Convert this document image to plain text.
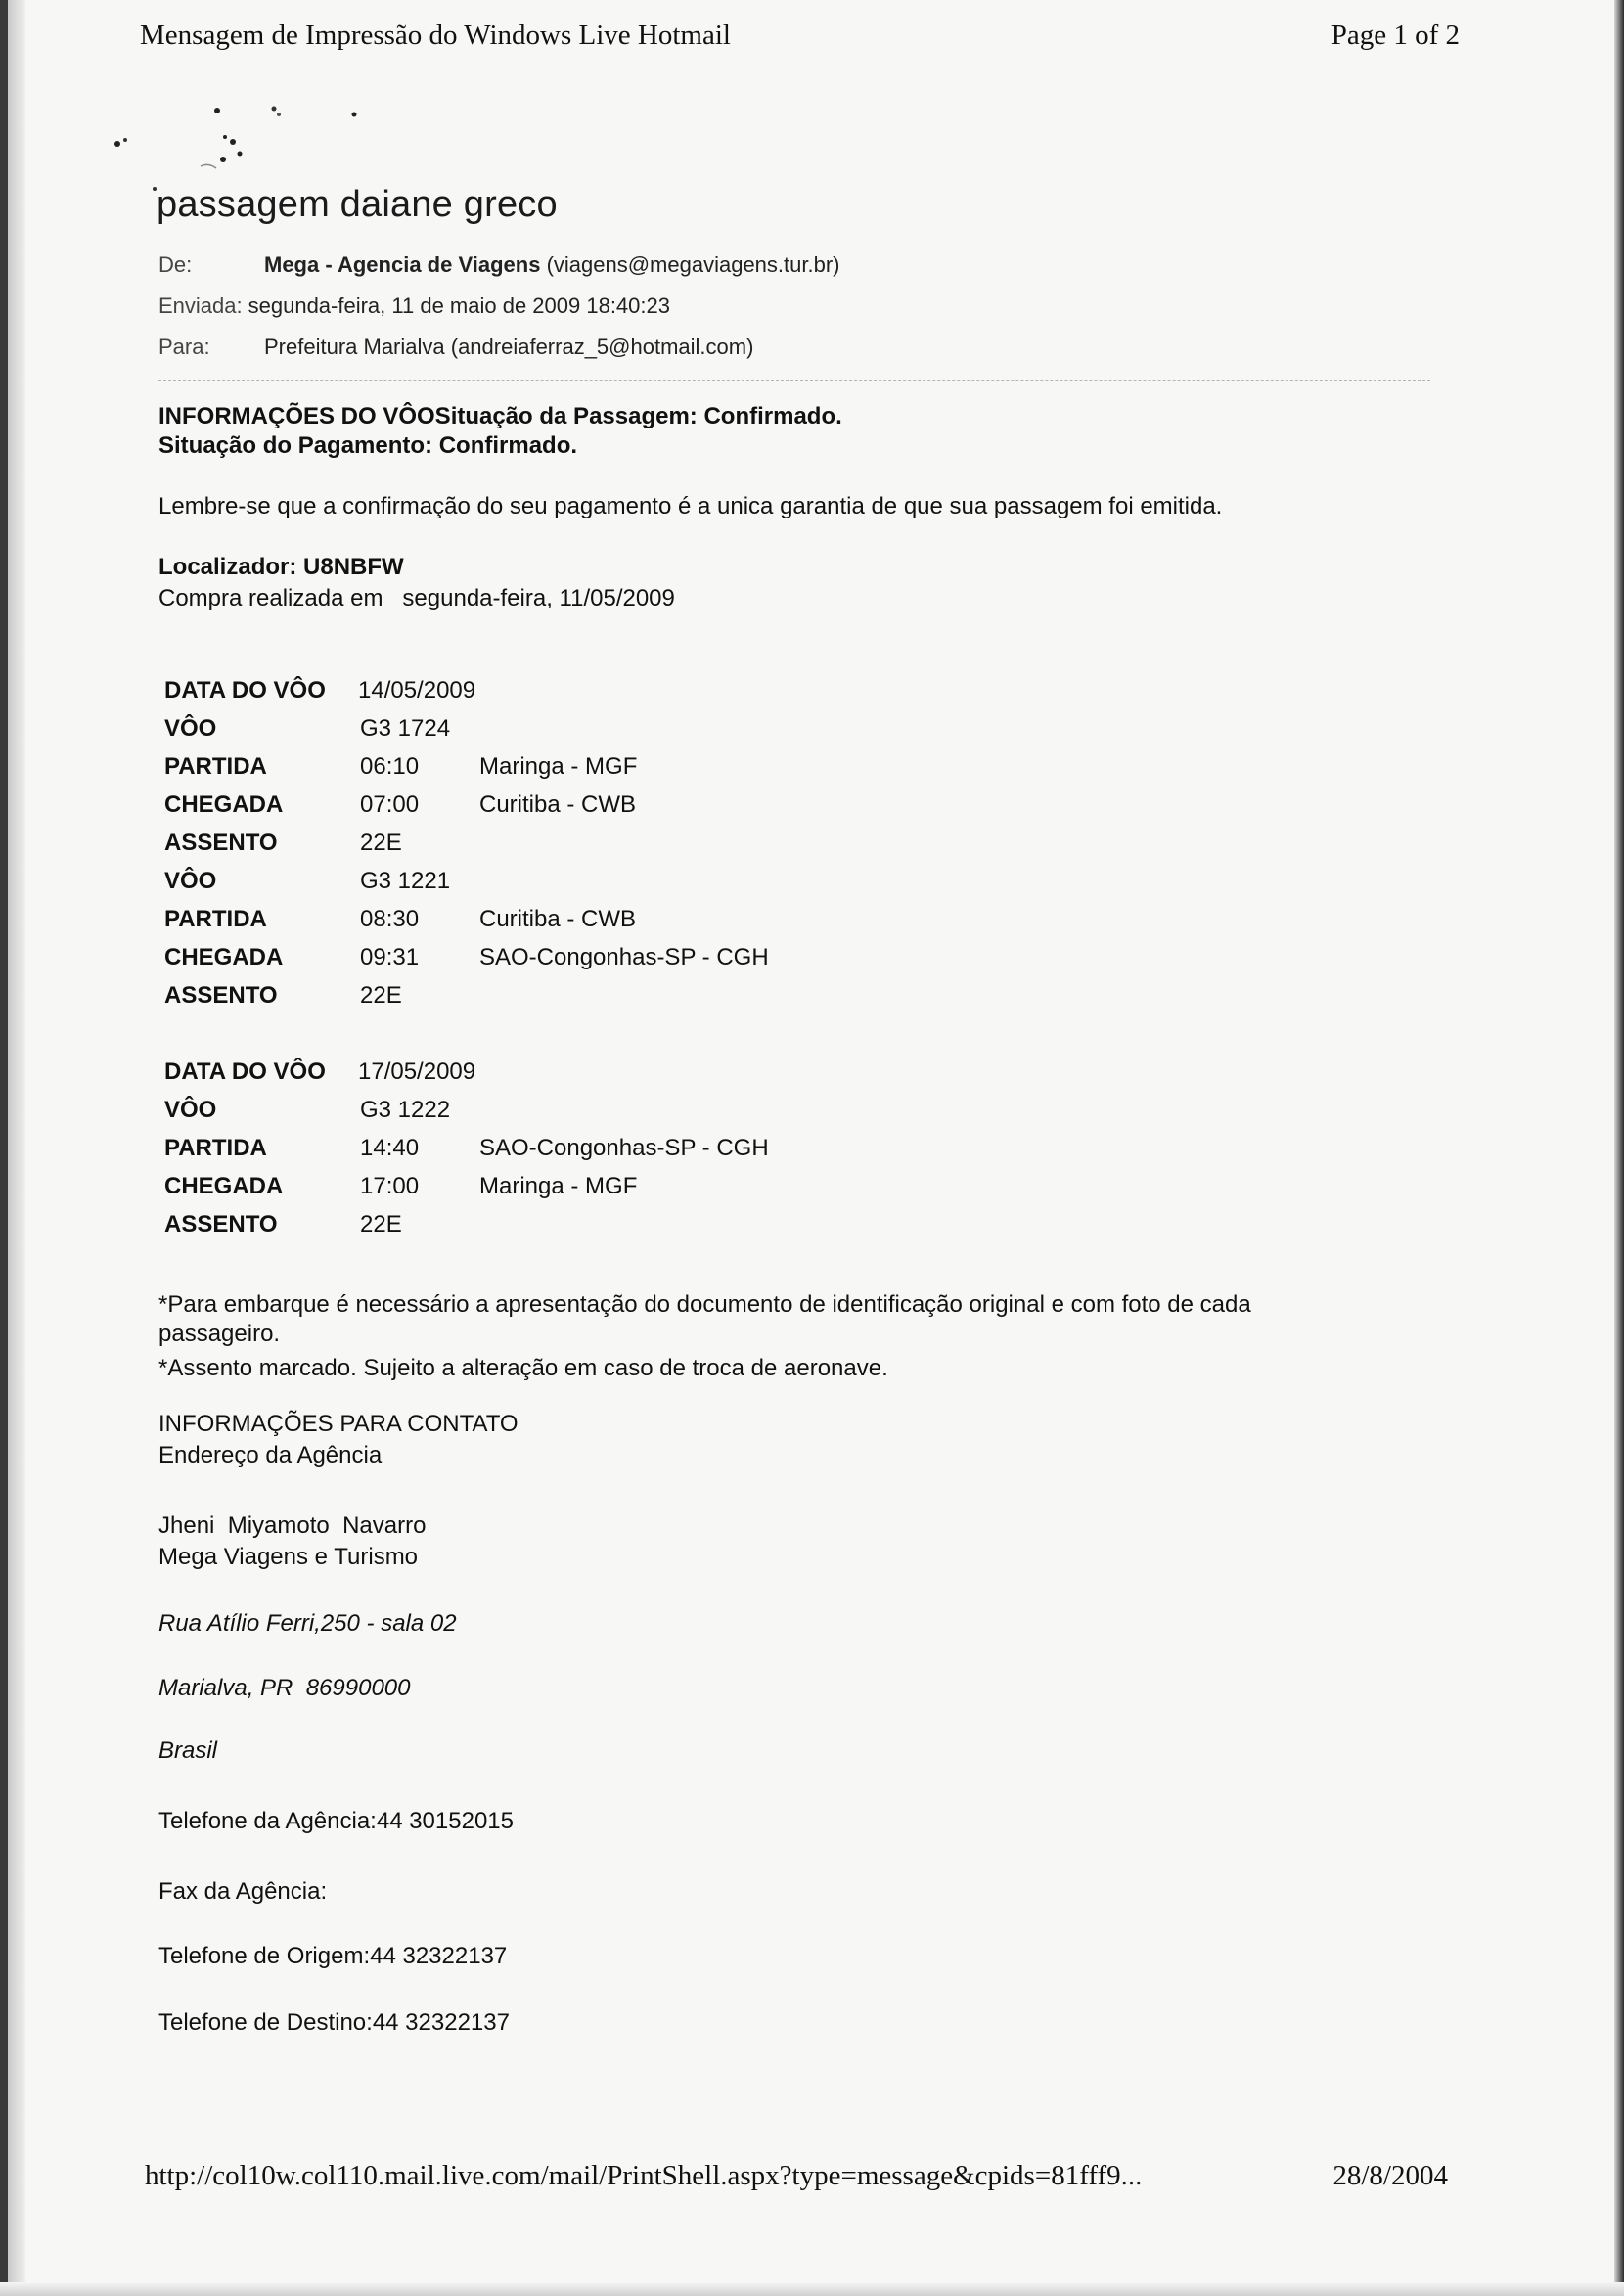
Mensagem de Impressão do Windows Live Hotmail	Page 1 of 2
passagem daiane greco
De:	Mega - Agencia de Viagens (viagens@megaviagens.tur.br)
Enviada: segunda-feira, 11 de maio de 2009 18:40:23
Para:	Prefeitura Marialva (andreiaferraz_5@hotmail.com)
INFORMAÇÕES DO VÔOSituação da Passagem: Confirmado.
Situação do Pagamento: Confirmado.
Lembre-se que a confirmação do seu pagamento é a unica garantia de que sua passagem foi emitida.
Localizador: U8NBFW
Compra realizada em   segunda-feira, 11/05/2009
DATA DO VÔO 14/05/2009
VÔO	G3 1724
PARTIDA	06:10	Maringa - MGF
CHEGADA	07:00	Curitiba - CWB
ASSENTO	22E
VÔO	G3 1221
PARTIDA	08:30	Curitiba - CWB
CHEGADA	09:31	SAO-Congonhas-SP - CGH
ASSENTO	22E
DATA DO VÔO 17/05/2009
VÔO	G3 1222
PARTIDA	14:40	SAO-Congonhas-SP - CGH
CHEGADA	17:00	Maringa - MGF
ASSENTO	22E
*Para embarque é necessário a apresentação do documento de identificação original e com foto de cada
passageiro.
*Assento marcado. Sujeito a alteração em caso de troca de aeronave.
INFORMAÇÕES PARA CONTATO
Endereço da Agência
Jheni  Miyamoto  Navarro
Mega Viagens e Turismo
Rua Atílio Ferri,250 - sala 02
Marialva, PR  86990000
Brasil
Telefone da Agência:44 30152015
Fax da Agência:
Telefone de Origem:44 32322137
Telefone de Destino:44 32322137
http://col10w.col110.mail.live.com/mail/PrintShell.aspx?type=message&cpids=81fff9...	28/8/2004
